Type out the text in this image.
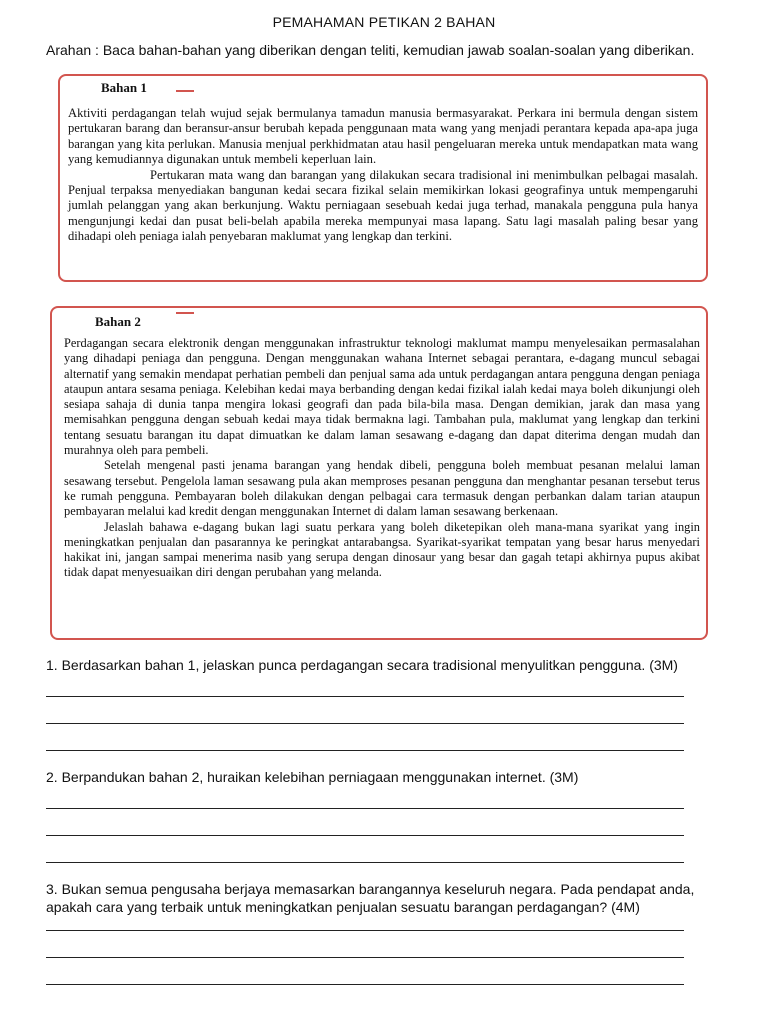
PEMAHAMAN PETIKAN 2 BAHAN
Arahan : Baca bahan-bahan yang diberikan dengan teliti, kemudian jawab soalan-soalan yang diberikan.
Bahan 1

Aktiviti perdagangan telah wujud sejak bermulanya tamadun manusia bermasyarakat. Perkara ini bermula dengan sistem pertukaran barang dan beransur-ansur berubah kepada penggunaan mata wang yang menjadi perantara kepada apa-apa juga barangan yang kita perlukan. Manusia menjual perkhidmatan atau hasil pengeluaran mereka untuk mendapatkan mata wang yang kemudiannya digunakan untuk membeli keperluan lain.

Pertukaran mata wang dan barangan yang dilakukan secara tradisional ini menimbulkan pelbagai masalah. Penjual terpaksa menyediakan bangunan kedai secara fizikal selain memikirkan lokasi geografinya untuk mempengaruhi jumlah pelanggan yang akan berkunjung. Waktu perniagaan sesebuah kedai juga terhad, manakala pengguna pula hanya mengunjungi kedai dan pusat beli-belah apabila mereka mempunyai masa lapang. Satu lagi masalah paling besar yang dihadapi oleh peniaga ialah penyebaran maklumat yang lengkap dan terkini.

Bahan 2

Perdagangan secara elektronik dengan menggunakan infrastruktur teknologi maklumat mampu menyelesaikan permasalahan yang dihadapi peniaga dan pengguna. Dengan menggunakan wahana Internet sebagai perantara, e-dagang muncul sebagai alternatif yang semakin mendapat perhatian pembeli dan penjual sama ada untuk perdagangan antara pengguna dengan peniaga ataupun antara sesama peniaga. Kelebihan kedai maya berbanding dengan kedai fizikal ialah kedai maya boleh dikunjungi oleh sesiapa sahaja di dunia tanpa mengira lokasi geografi dan pada bila-bila masa. Dengan demikian, jarak dan masa yang memisahkan pengguna dengan sebuah kedai maya tidak bermakna lagi. Tambahan pula, maklumat yang lengkap dan terkini tentang sesuatu barangan itu dapat dimuatkan ke dalam laman sesawang e-dagang dan dapat diterima dengan mudah dan murahnya oleh para pembeli.

Setelah mengenal pasti jenama barangan yang hendak dibeli, pengguna boleh membuat pesanan melalui laman sesawang tersebut. Pengelola laman sesawang pula akan memproses pesanan pengguna dan menghantar pesanan tersebut terus ke rumah pengguna. Pembayaran boleh dilakukan dengan pelbagai cara termasuk dengan perbankan dalam tarian ataupun pembayaran melalui kad kredit dengan menggunakan Internet di dalam laman sesawang berkenaan.

Jelaslah bahawa e-dagang bukan lagi suatu perkara yang boleh diketepikan oleh mana-mana syarikat yang ingin meningkatkan penjualan dan pasarannya ke peringkat antarabangsa. Syarikat-syarikat tempatan yang besar harus menyedari hakikat ini, jangan sampai menerima nasib yang serupa dengan dinosaur yang besar dan gagah tetapi akhirnya pupus akibat tidak dapat menyesuaikan diri dengan perubahan yang melanda.

1. Berdasarkan bahan 1, jelaskan punca perdagangan secara tradisional menyulitkan pengguna. (3M)
2. Berpandukan bahan 2, huraikan kelebihan perniagaan menggunakan internet. (3M)
3. Bukan semua pengusaha berjaya memasarkan barangannya keseluruh negara. Pada pendapat anda, apakah cara yang terbaik untuk meningkatkan penjualan sesuatu barangan perdagangan? (4M)
